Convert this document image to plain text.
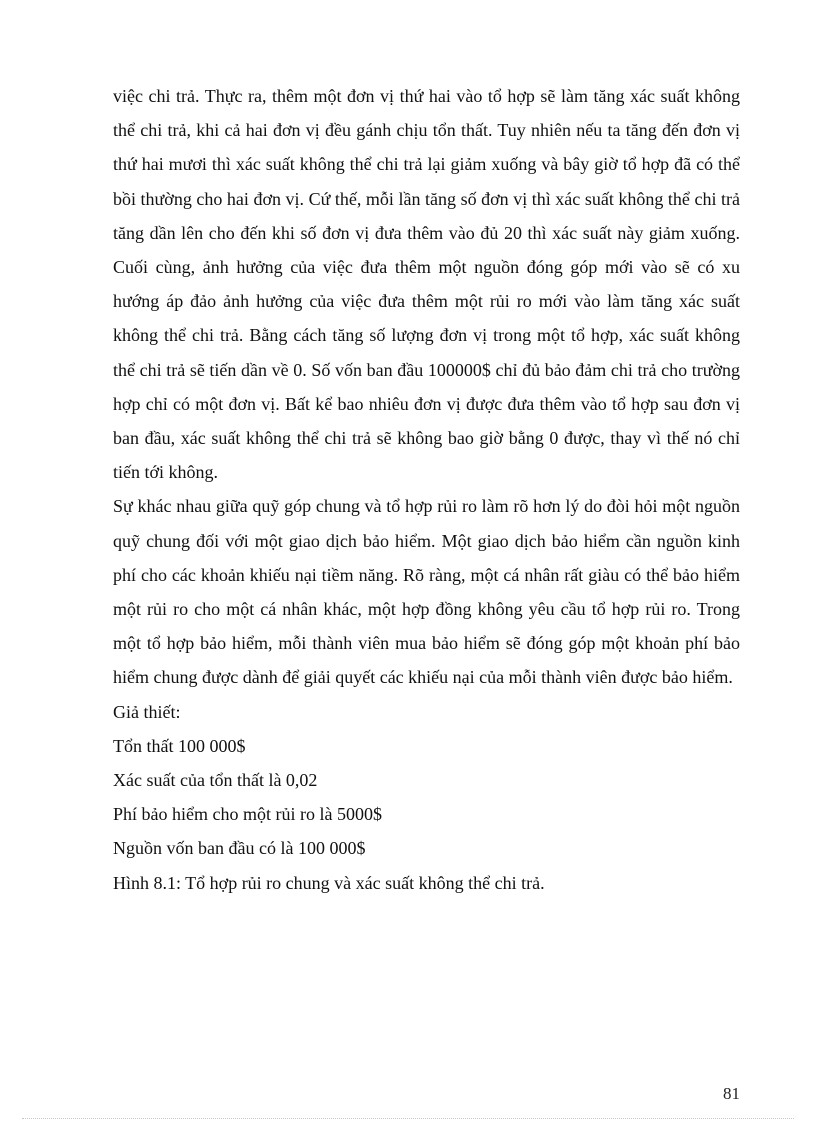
việc chi trả. Thực ra, thêm một đơn vị thứ hai vào tổ hợp sẽ làm tăng xác suất không thể chi trả, khi cả hai đơn vị đều gánh chịu tổn thất. Tuy nhiên nếu ta tăng đến đơn vị thứ hai mươi thì xác suất không thể chi trả lại giảm xuống và bây giờ tổ hợp đã có thể bồi thường cho hai đơn vị. Cứ thế, mỗi lần tăng số đơn vị thì xác suất không thể chi trả tăng dần lên cho đến khi số đơn vị đưa thêm vào đủ 20 thì xác suất này giảm xuống. Cuối cùng, ảnh hưởng của việc đưa thêm một nguồn đóng góp mới vào sẽ có xu hướng áp đảo ảnh hưởng của việc đưa thêm một rủi ro mới vào làm tăng xác suất không thể chi trả. Bằng cách tăng số lượng đơn vị trong một tổ hợp, xác suất không thể chi trả sẽ tiến dần về 0. Số vốn ban đầu 100000$ chỉ đủ bảo đảm chi trả cho trường hợp chỉ có một đơn vị. Bất kể bao nhiêu đơn vị được đưa thêm vào tổ hợp sau đơn vị ban đầu, xác suất không thể chi trả sẽ không bao giờ bằng 0 được, thay vì thế nó chỉ tiến tới không.

Sự khác nhau giữa quỹ góp chung và tổ hợp rủi ro làm rõ hơn lý do đòi hỏi một nguồn quỹ chung đối với một giao dịch bảo hiểm. Một giao dịch bảo hiểm cần nguồn kinh phí cho các khoản khiếu nại tiềm năng. Rõ ràng, một cá nhân rất giàu có thể bảo hiểm một rủi ro cho một cá nhân khác, một hợp đồng không yêu cầu tổ hợp rủi ro. Trong một tổ hợp bảo hiểm, mỗi thành viên mua bảo hiểm sẽ đóng góp một khoản phí bảo hiểm chung được dành để giải quyết các khiếu nại của mỗi thành viên được bảo hiểm.

Giả thiết:

Tổn thất 100 000$

Xác suất của tổn thất là 0,02

Phí bảo hiểm cho một rủi ro là 5000$

Nguồn vốn ban đầu có là 100 000$

Hình 8.1: Tổ hợp rủi ro chung và xác suất không thể chi trả.

81
